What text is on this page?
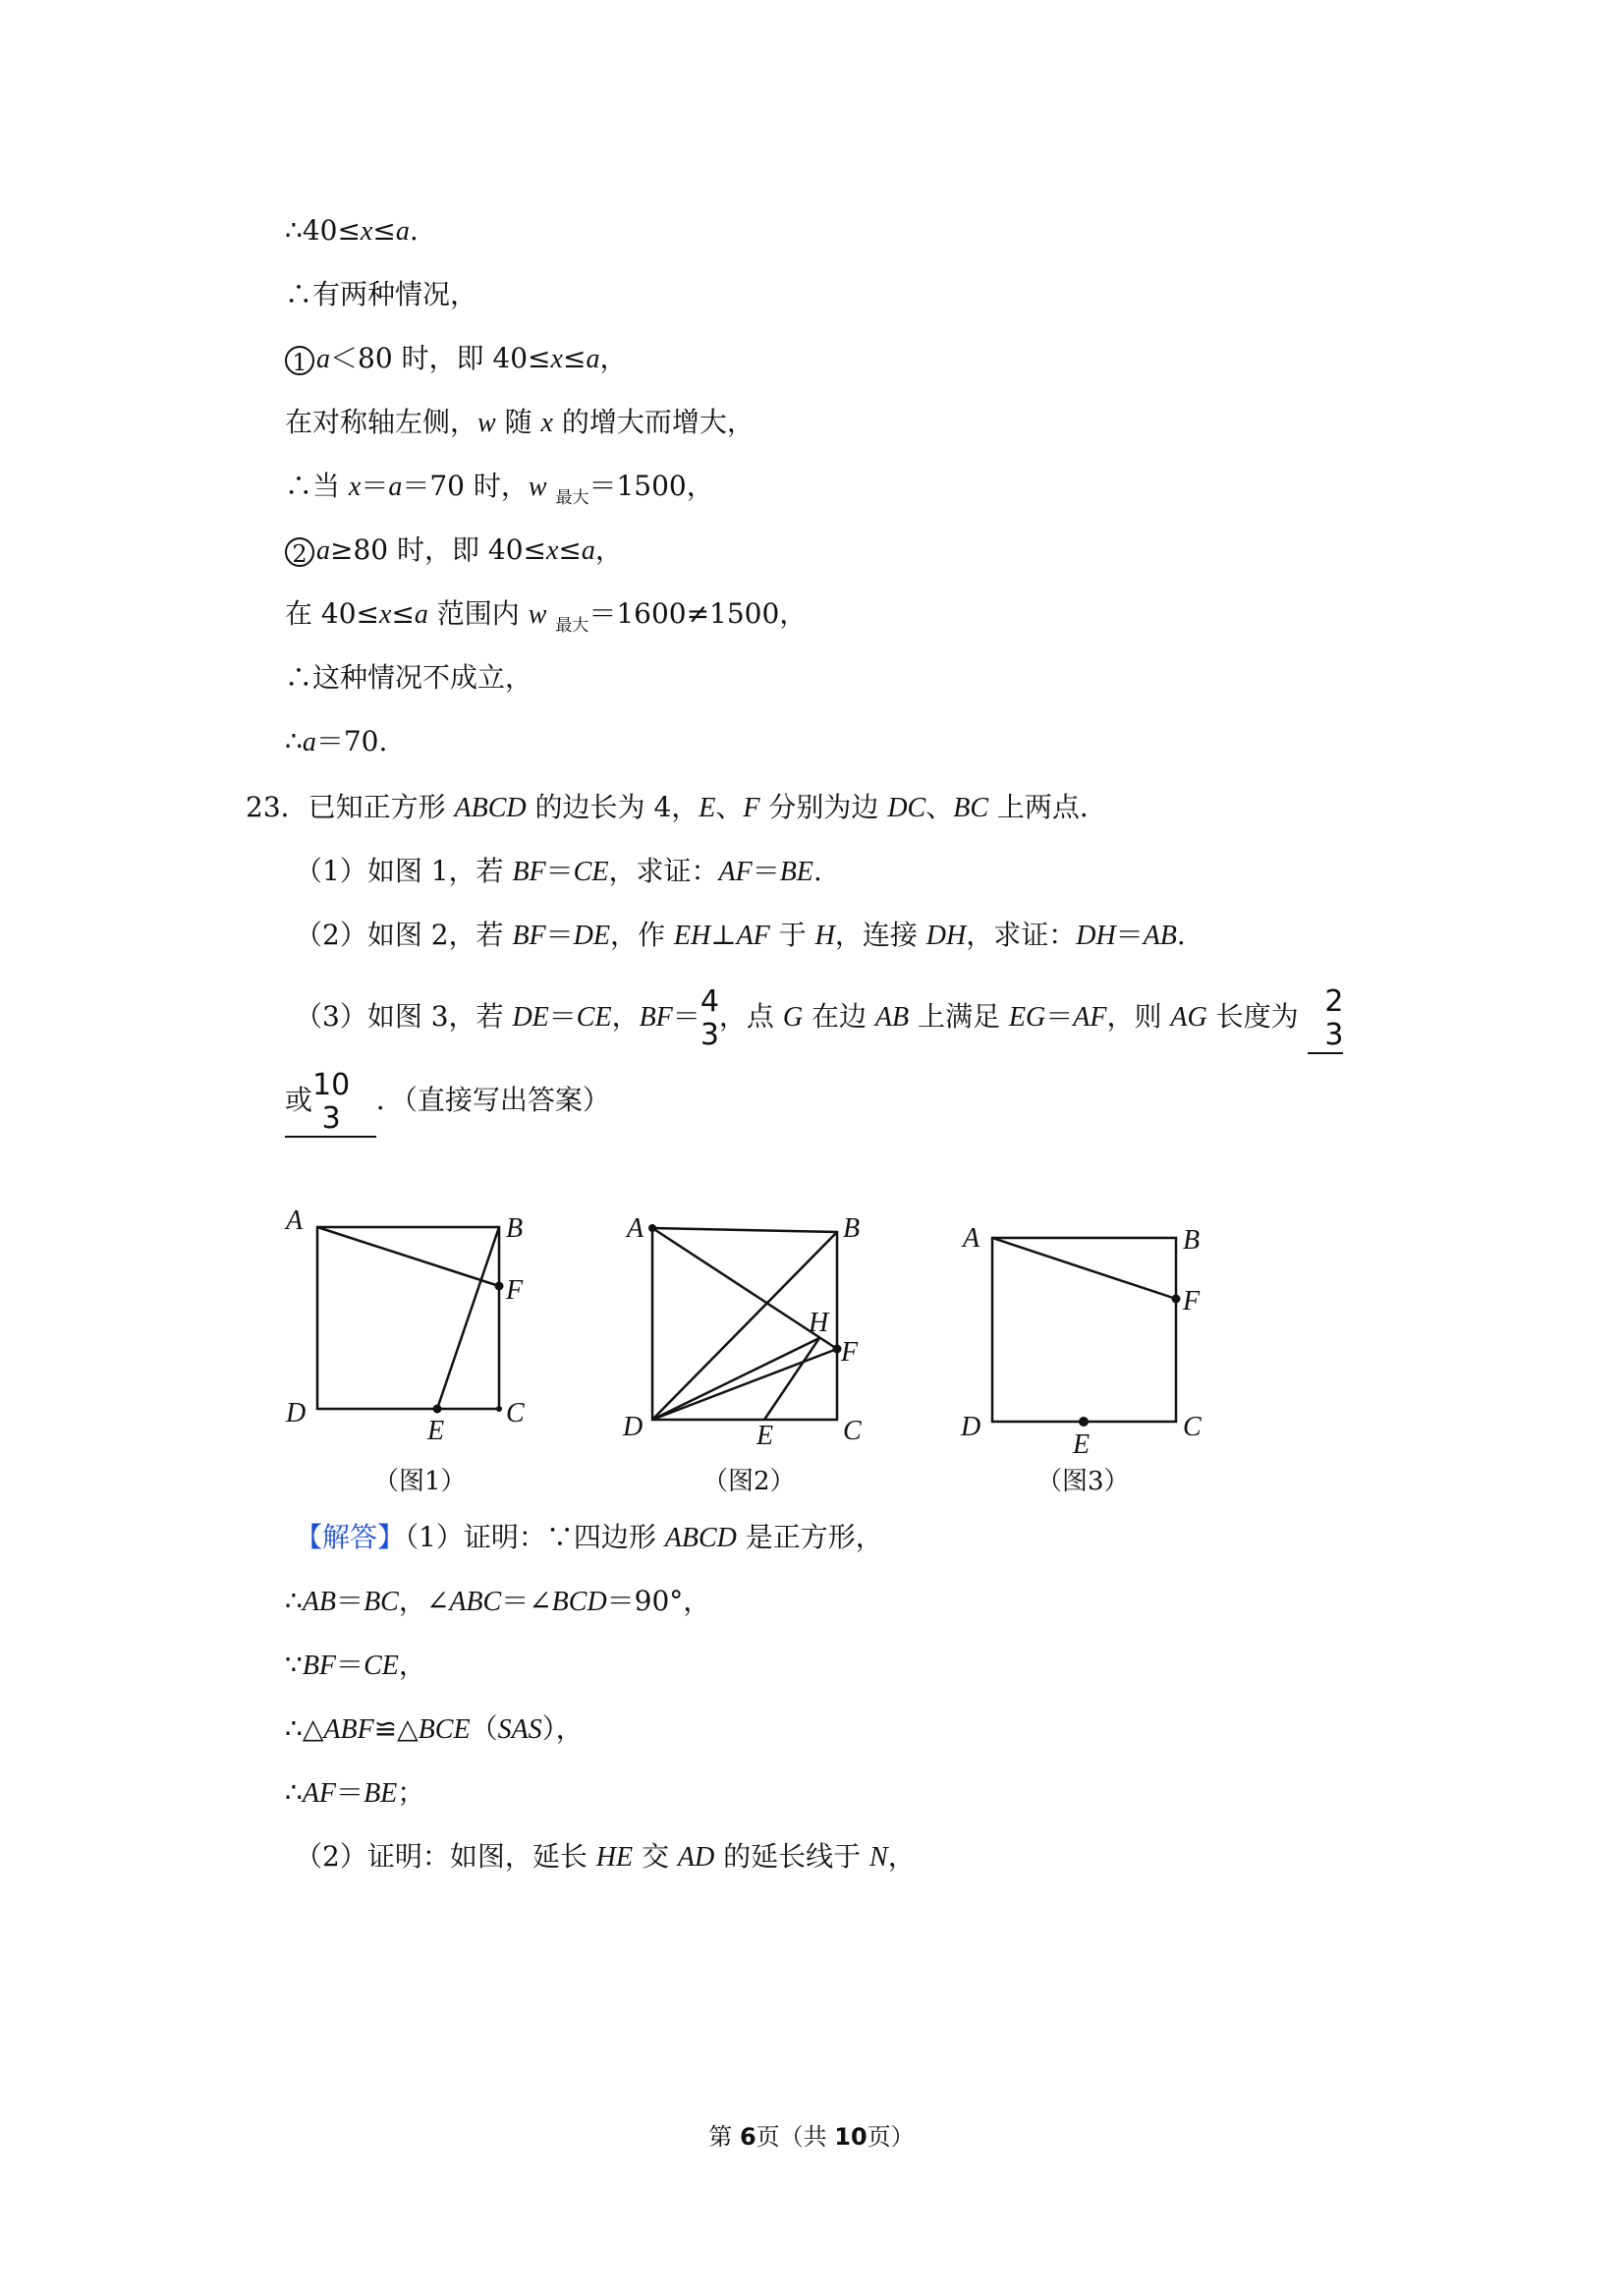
∴40≤x≤a.
∴有两种情况，
1 a＜80 时，即 40≤x≤a，
在对称轴左侧，w 随 x 的增大而增大，
∴当 x＝a＝70 时，w $_{最大}$＝1500，
2 a≥80 时，即 40≤x≤a，
在 40≤x≤a 范围内 w $_{最大}$＝1600≠1500，
∴这种情况不成立，
∴a＝70.
23．已知正方形 ABCD 的边长为 4，E、F 分别为边 DC、BC 上两点．
（1）如图 1，若 BF＝CE，求证：AF＝BE.
（2）如图 2，若 BF＝DE，作 EH⊥AF 于 H，连接 DH，求证：DH＝AB.
（3）如图 3，若 DE＝CE，BF＝ 4
3
，点 G 在边 AB 上满足 EG＝AF，则 AG 长度为 2
3
或 10
3
．（直接写出答案）
A	B
F
C
D
E
（图1）
A	B
H
F
C
D	E
（图2）
A	B
F
C
D
E
（图3）
【解答】（1）证明：∵四边形 ABCD 是正方形，
∴AB＝BC，∠ABC＝∠BCD＝90°，
∵BF＝CE，
∴△ABF≌△BCE（SAS），
∴AF＝BE；
（2）证明：如图，延长 HE 交 AD 的延长线于 N，
第 6页（共 10页）
